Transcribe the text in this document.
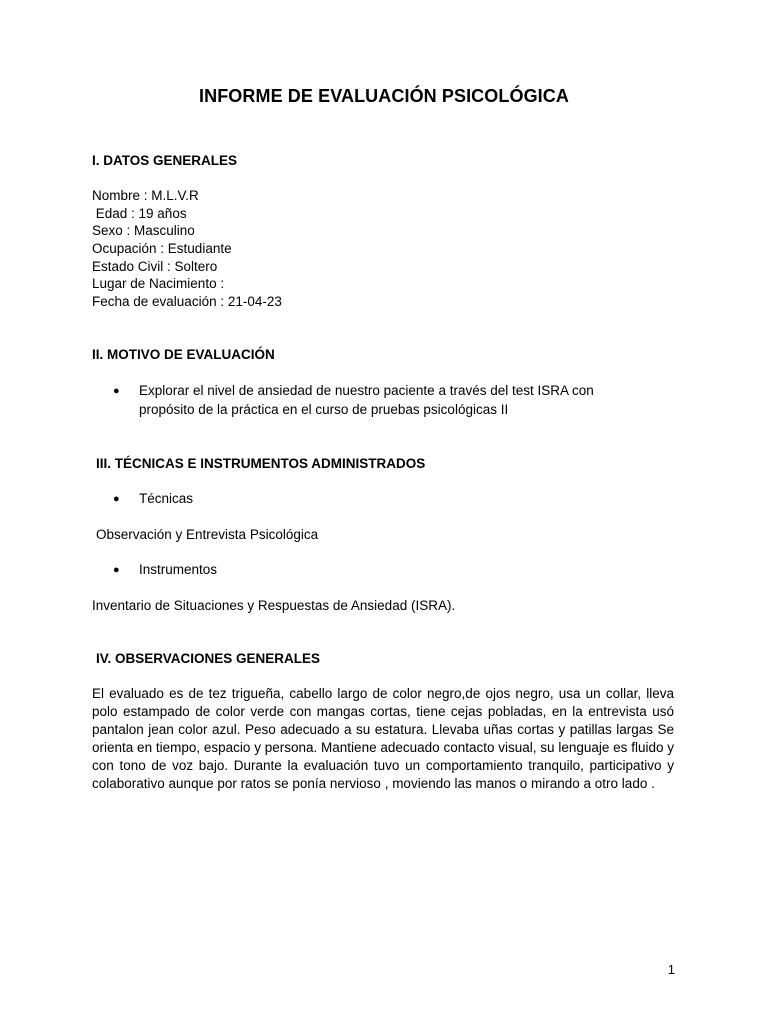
INFORME DE EVALUACIÓN PSICOLÓGICA
I. DATOS GENERALES
Nombre : M.L.V.R
Edad : 19 años
Sexo : Masculino
Ocupación : Estudiante
Estado Civil : Soltero
Lugar de Nacimiento :
Fecha de evaluación : 21-04-23
II. MOTIVO DE EVALUACIÓN
● Explorar el nivel de ansiedad de nuestro paciente a través del test ISRA con
propósito de la práctica en el curso de pruebas psicológicas II
III. TÉCNICAS E INSTRUMENTOS ADMINISTRADOS
● Técnicas
Observación y Entrevista Psicológica
● Instrumentos
Inventario de Situaciones y Respuestas de Ansiedad (ISRA).
IV. OBSERVACIONES GENERALES
El evaluado es de tez trigueña, cabello largo de color negro,de ojos negro, usa un collar, lleva polo estampado de color verde con mangas cortas, tiene cejas pobladas, en la entrevista usó pantalon jean color azul. Peso adecuado a su estatura. Llevaba uñas cortas y patillas largas Se orienta en tiempo, espacio y persona. Mantiene adecuado contacto visual, su lenguaje es fluido y con tono de voz bajo. Durante la evaluación tuvo un comportamiento tranquilo, participativo y colaborativo aunque por ratos se ponía nervioso , moviendo las manos o mirando a otro lado .
1
